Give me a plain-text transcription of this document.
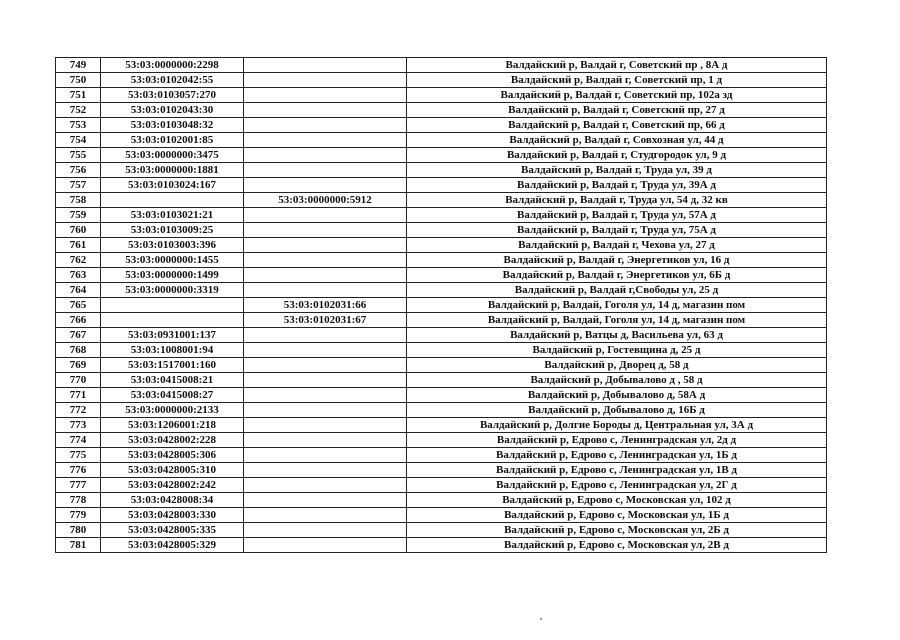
749	53:03:0000000:2298		Валдайский р, Валдай г, Советский пр , 8А д
750	53:03:0102042:55		Валдайский р, Валдай г, Советский пр, 1 д
751	53:03:0103057:270		Валдайский р, Валдай г, Советский пр, 102а зд
752	53:03:0102043:30		Валдайский р, Валдай г, Советский пр, 27 д
753	53:03:0103048:32		Валдайский р, Валдай г, Советский пр, 66 д
754	53:03:0102001:85		Валдайский р, Валдай г, Совхозная ул, 44 д
755	53:03:0000000:3475		Валдайский р, Валдай г, Студгородок ул, 9 д
756	53:03:0000000:1881		Валдайский р, Валдай г, Труда ул, 39 д
757	53:03:0103024:167		Валдайский р, Валдай г, Труда ул, 39А д
758		53:03:0000000:5912	Валдайский р, Валдай г, Труда ул, 54 д, 32 кв
759	53:03:0103021:21		Валдайский р, Валдай г, Труда ул, 57А д
760	53:03:0103009:25		Валдайский р, Валдай г, Труда ул, 75А д
761	53:03:0103003:396		Валдайский р, Валдай г, Чехова ул, 27 д
762	53:03:0000000:1455		Валдайский р, Валдай г, Энергетиков ул, 16 д
763	53:03:0000000:1499		Валдайский р, Валдай г, Энергетиков ул, 6Б д
764	53:03:0000000:3319		Валдайский р, Валдай г,Свободы ул, 25 д
765		53:03:0102031:66	Валдайский р, Валдай, Гоголя ул, 14 д, магазин пом
766		53:03:0102031:67	Валдайский р, Валдай, Гоголя ул, 14 д, магазин пом
767	53:03:0931001:137		Валдайский р, Ватцы д, Васильева ул, 63 д
768	53:03:1008001:94		Валдайский р, Гостевщина д, 25 д
769	53:03:1517001:160		Валдайский р, Дворец д, 58 д
770	53:03:0415008:21		Валдайский р, Добывалово д , 58 д
771	53:03:0415008:27		Валдайский р, Добывалово д, 58А д
772	53:03:0000000:2133		Валдайский р, Добывалово д, 16Б д
773	53:03:1206001:218		Валдайский р, Долгие Бороды д, Центральная ул, 3А д
774	53:03:0428002:228		Валдайский р, Едрово с, Ленинградская ул, 2д д
775	53:03:0428005:306		Валдайский р, Едрово с, Ленинградская ул, 1Б д
776	53:03:0428005:310		Валдайский р, Едрово с, Ленинградская ул, 1В д
777	53:03:0428002:242		Валдайский р, Едрово с, Ленинградская ул, 2Г д
778	53:03:0428008:34		Валдайский р, Едрово с, Московская ул, 102 д
779	53:03:0428003:330		Валдайский р, Едрово с, Московская ул, 1Б д
780	53:03:0428005:335		Валдайский р, Едрово с, Московская ул, 2Б д
781	53:03:0428005:329		Валдайский р, Едрово с, Московская ул, 2В д
